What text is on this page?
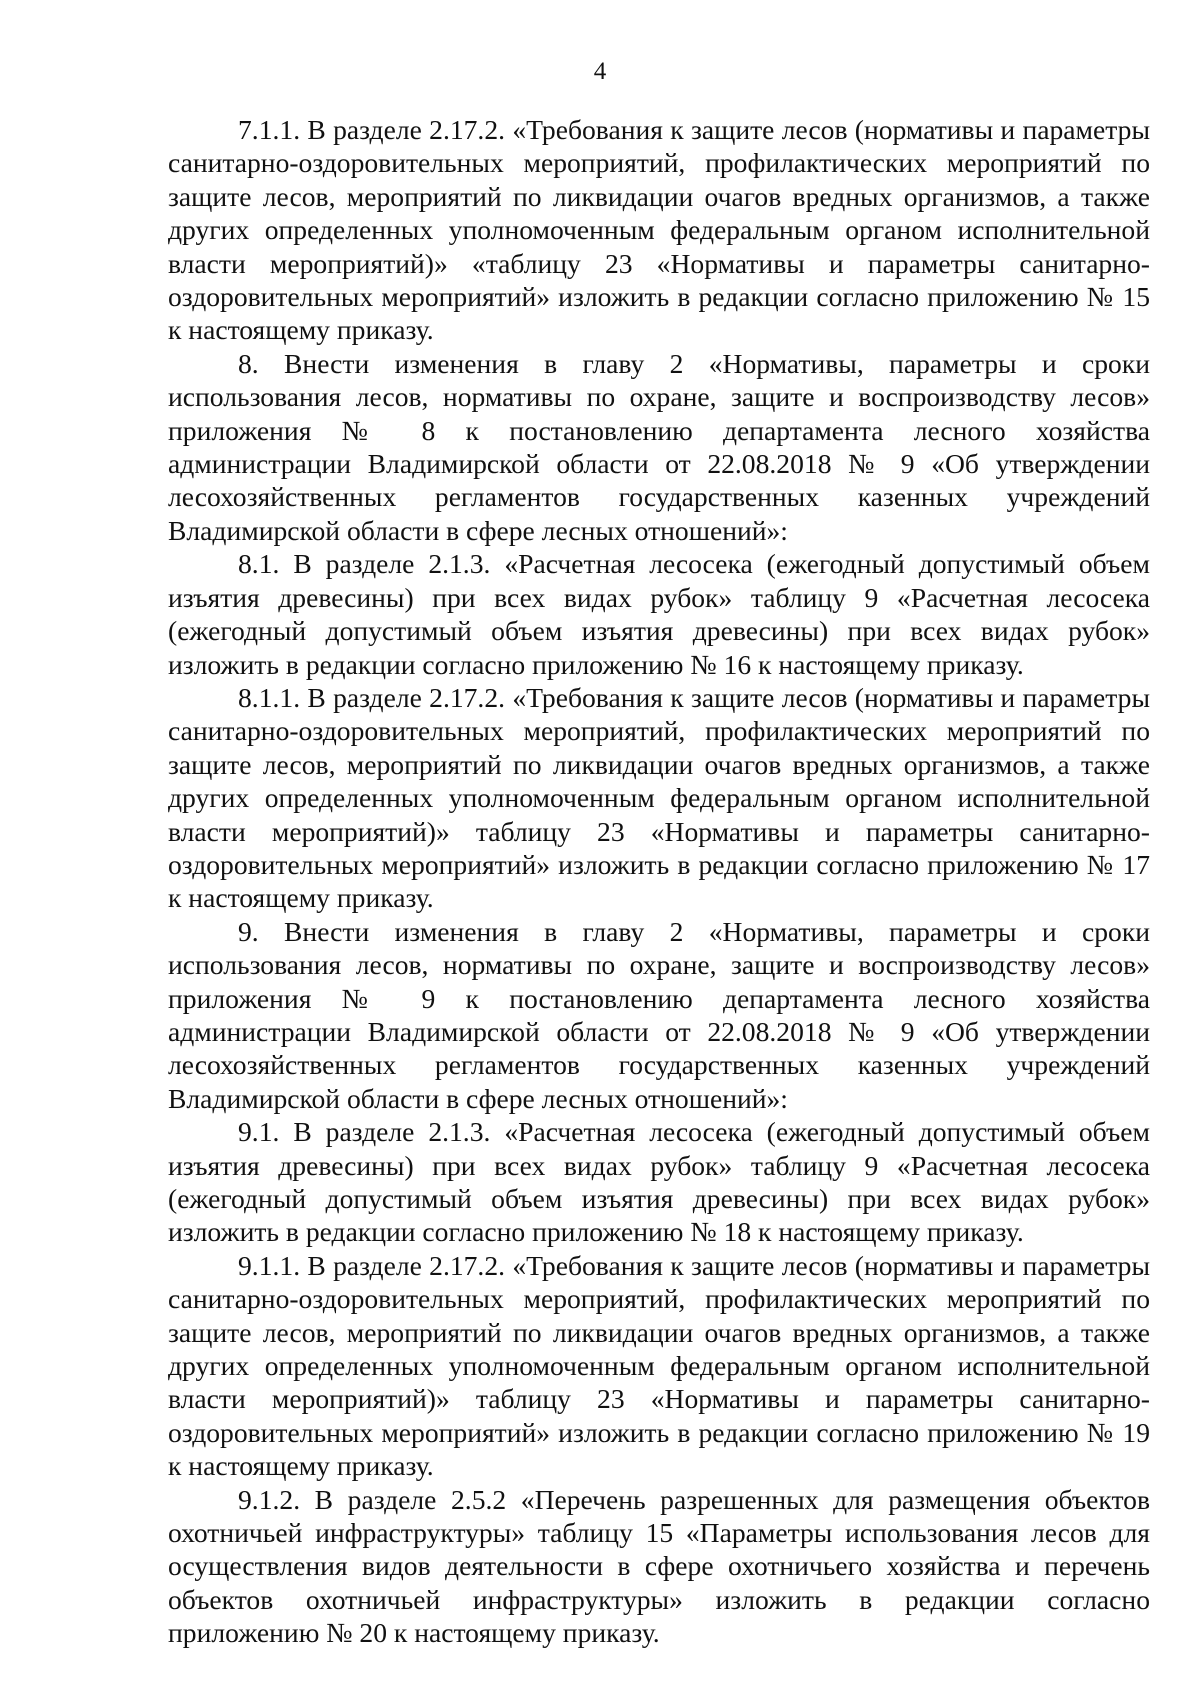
4

7.1.1. В разделе 2.17.2. «Требования к защите лесов (нормативы и параметры санитарно-оздоровительных мероприятий, профилактических мероприятий по защите лесов, мероприятий по ликвидации очагов вредных организмов, а также других определенных уполномоченным федеральным органом исполнительной власти мероприятий)» «таблицу 23 «Нормативы и параметры санитарно-оздоровительных мероприятий» изложить в редакции согласно приложению № 15 к настоящему приказу.

8. Внести изменения в главу 2 «Нормативы, параметры и сроки использования лесов, нормативы по охране, защите и воспроизводству лесов» приложения № 8 к постановлению департамента лесного хозяйства администрации Владимирской области от 22.08.2018 № 9 «Об утверждении лесохозяйственных регламентов государственных казенных учреждений Владимирской области в сфере лесных отношений»:

8.1. В разделе 2.1.3. «Расчетная лесосека (ежегодный допустимый объем изъятия древесины) при всех видах рубок» таблицу 9 «Расчетная лесосека (ежегодный допустимый объем изъятия древесины) при всех видах рубок» изложить в редакции согласно приложению № 16 к настоящему приказу.

8.1.1. В разделе 2.17.2. «Требования к защите лесов (нормативы и параметры санитарно-оздоровительных мероприятий, профилактических мероприятий по защите лесов, мероприятий по ликвидации очагов вредных организмов, а также других определенных уполномоченным федеральным органом исполнительной власти мероприятий)» таблицу 23 «Нормативы и параметры санитарно-оздоровительных мероприятий» изложить в редакции согласно приложению № 17 к настоящему приказу.

9. Внести изменения в главу 2 «Нормативы, параметры и сроки использования лесов, нормативы по охране, защите и воспроизводству лесов» приложения № 9 к постановлению департамента лесного хозяйства администрации Владимирской области от 22.08.2018 № 9 «Об утверждении лесохозяйственных регламентов государственных казенных учреждений Владимирской области в сфере лесных отношений»:

9.1. В разделе 2.1.3. «Расчетная лесосека (ежегодный допустимый объем изъятия древесины) при всех видах рубок» таблицу 9 «Расчетная лесосека (ежегодный допустимый объем изъятия древесины) при всех видах рубок» изложить в редакции согласно приложению № 18 к настоящему приказу.

9.1.1. В разделе 2.17.2. «Требования к защите лесов (нормативы и параметры санитарно-оздоровительных мероприятий, профилактических мероприятий по защите лесов, мероприятий по ликвидации очагов вредных организмов, а также других определенных уполномоченным федеральным органом исполнительной власти мероприятий)» таблицу 23 «Нормативы и параметры санитарно-оздоровительных мероприятий» изложить в редакции согласно приложению № 19 к настоящему приказу.

9.1.2. В разделе 2.5.2 «Перечень разрешенных для размещения объектов охотничьей инфраструктуры» таблицу 15 «Параметры использования лесов для осуществления видов деятельности в сфере охотничьего хозяйства и перечень объектов охотничьей инфраструктуры» изложить в редакции согласно приложению № 20 к настоящему приказу.
